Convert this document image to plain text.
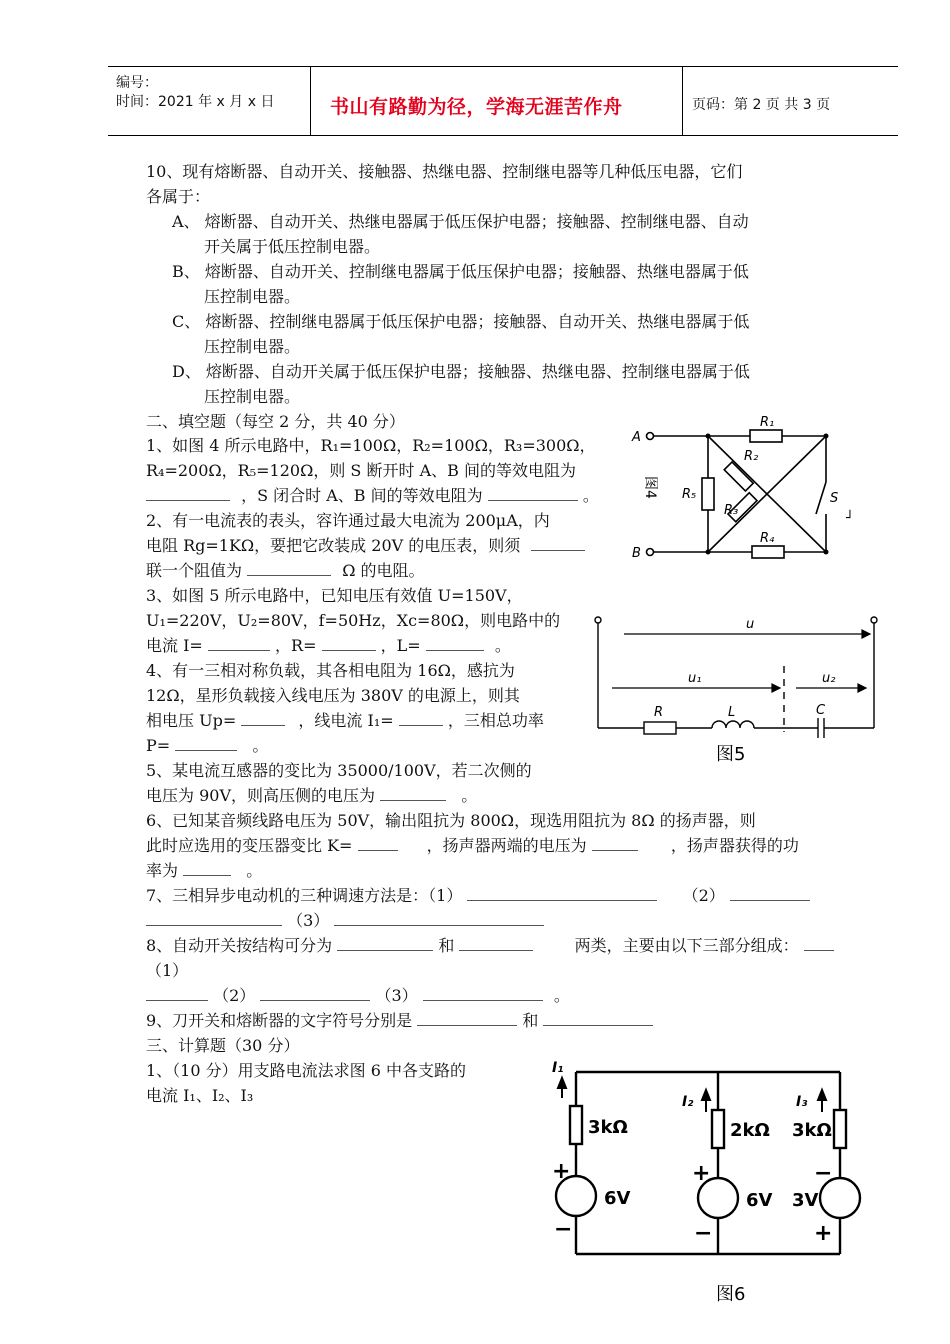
编号：
时间：2021 年 x 月 x 日	书山有路勤为径，学海无涯苦作舟	页码：第 2 页 共 3 页
10、现有熔断器、自动开关、接触器、热继电器、控制继电器等几种低压电器，它们
各属于：
A、 熔断器、自动开关、热继电器属于低压保护电器；接触器、控制继电器、自动
开关属于低压控制电器。
B、 熔断器、自动开关、控制继电器属于低压保护电器；接触器、热继电器属于低
压控制电器。
C、 熔断器、控制继电器属于低压保护电器；接触器、自动开关、热继电器属于低
压控制电器。
D、 熔断器、自动开关属于低压保护电器；接触器、热继电器、控制继电器属于低
压控制电器。
二、填空题（每空 2 分，共 40 分）
1、如图 4 所示电路中，R₁=100Ω，R₂=100Ω，R₃=300Ω，
R₄=200Ω，R₅=120Ω，则 S 断开时 A、B 间的等效电阻为
，S 闭合时 A、B 间的等效电阻为	。
2、有一电流表的表头，容许通过最大电流为 200μA，内
电阻 Rg=1KΩ，要把它改装成 20V 的电压表，则须
联一个阻值为	Ω 的电阻。
3、如图 5 所示电路中，已知电压有效值 U=150V，
U₁=220V，U₂=80V，f=50Hz，Xc=80Ω，则电路中的
电流 I=	，R=	，L=	。
4、有一三相对称负载，其各相电阻为 16Ω，感抗为
12Ω，星形负载接入线电压为 380V 的电源上，则其
相电压 Up=	，线电流 I₁=	，三相总功率
P=	。
5、某电流互感器的变比为 35000/100V，若二次侧的
电压为 90V，则高压侧的电压为	。
6、已知某音频线路电压为 50V，输出阻抗为 800Ω，现选用阻抗为 8Ω 的扬声器，则
此时应选用的变压器变比 K=	，扬声器两端的电压为	，扬声器获得的功
率为	。
7、三相异步电动机的三种调速方法是：（1）	（2）
（3）
8、自动开关按结构可分为	和	两类，主要由以下三部分组成：
（1）
（2）	（3）	。
9、刀开关和熔断器的文字符号分别是	和
三、计算题（30 分）
1、（10 分）用支路电流法求图 6 中各支路的
电流 I₁、I₂、I₃
A
B
R₁
R₂
R₃
R₄
R₅	S
图4
┘
u
u₁	u₂
R	L	C
图5
I₁
I₂	I₃
3kΩ	2kΩ 3kΩ
6V	6V 3V
+
−
+
−
−
+
图6
